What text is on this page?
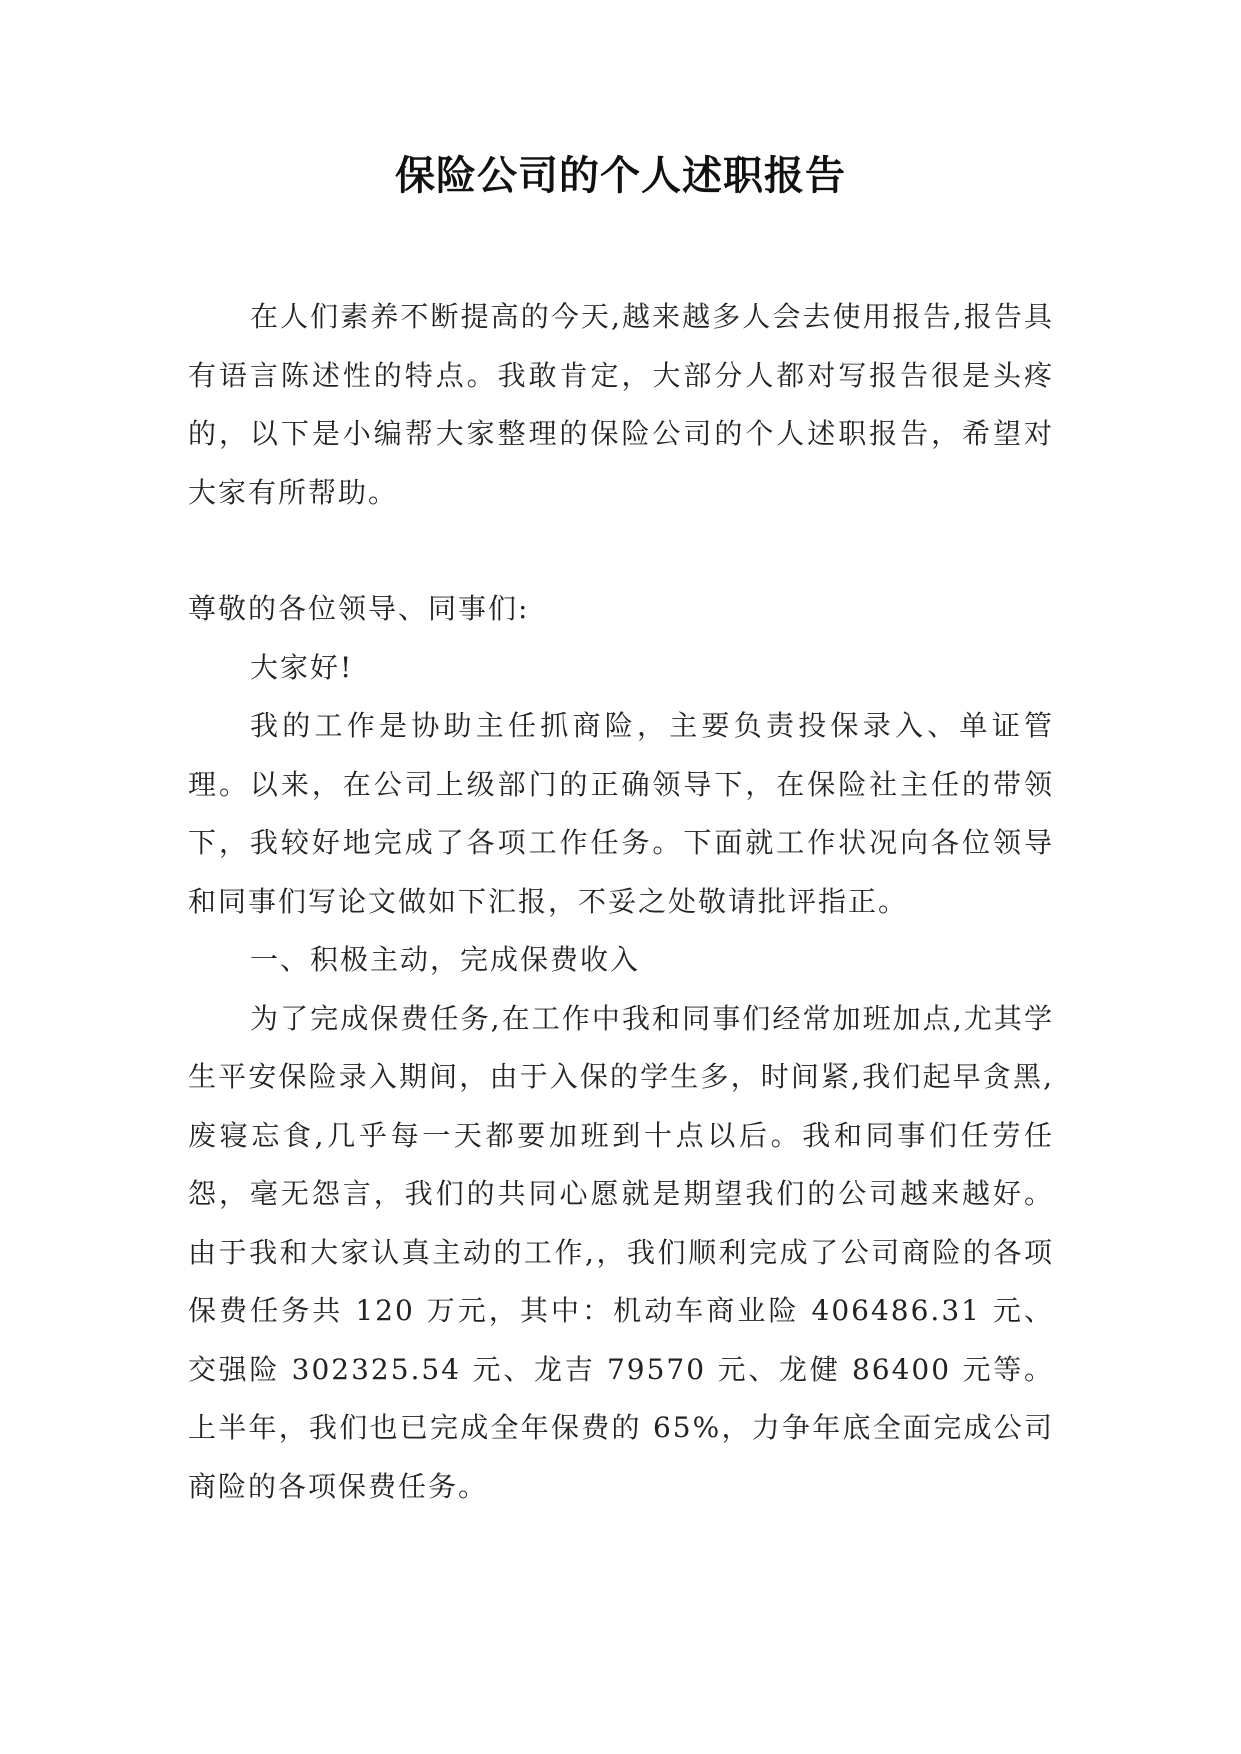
保险公司的个人述职报告

在人们素养不断提高的今天,越来越多人会去使用报告,报告具有语言陈述性的特点。我敢肯定，大部分人都对写报告很是头疼的，以下是小编帮大家整理的保险公司的个人述职报告，希望对大家有所帮助。

尊敬的各位领导、同事们:

大家好!

我的工作是协助主任抓商险，主要负责投保录入、单证管理。以来，在公司上级部门的正确领导下，在保险社主任的带领下，我较好地完成了各项工作任务。下面就工作状况向各位领导和同事们写论文做如下汇报，不妥之处敬请批评指正。

一、积极主动，完成保费收入

为了完成保费任务,在工作中我和同事们经常加班加点,尤其学生平安保险录入期间，由于入保的学生多，时间紧,我们起早贪黑,废寝忘食,几乎每一天都要加班到十点以后。我和同事们任劳任怨，毫无怨言，我们的共同心愿就是期望我们的公司越来越好。由于我和大家认真主动的工作,，我们顺利完成了公司商险的各项保费任务共 120 万元，其中：机动车商业险 406486.31 元、交强险 302325.54 元、龙吉 79570 元、龙健 86400 元等。上半年，我们也已完成全年保费的 65%，力争年底全面完成公司商险的各项保费任务。
